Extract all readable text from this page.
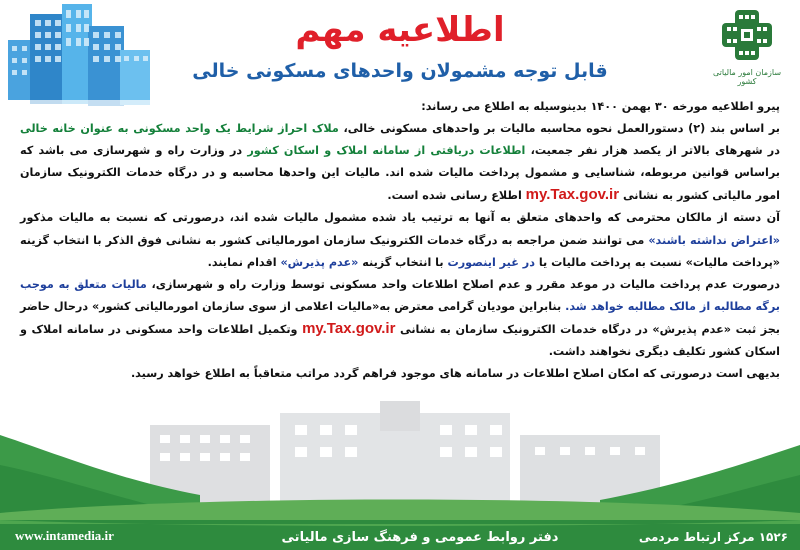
اطلاعیه مهم
قابل توجه مشمولان واحدهای مسکونی خالی	سازمان امور مالیاتی کشور

پیرو اطلاعیه مورخه ۳۰ بهمن ۱۴۰۰ بدینوسیله به اطلاع می رساند:

بر اساس بند (۲) دستورالعمل نحوه محاسبه مالیات بر واحدهای مسکونی خالی، ملاک احراز شرایط یک واحد مسکونی به عنوان خانه خالی در شهرهای بالاتر از یکصد هزار نفر جمعیت، اطلاعات دریافتی از سامانه املاک و اسکان کشور در وزارت راه و شهرسازی می باشد که براساس قوانین مربوطه، شناسایی و مشمول پرداخت مالیات شده اند. مالیات این واحدها محاسبه و در درگاه خدمات الکترونیک سازمان امور مالیاتی کشور به نشانی my.Tax.gov.ir اطلاع رسانی شده است.

آن دسته از مالکان محترمی که واحدهای متعلق به آنها به ترتیب یاد شده مشمول مالیات شده اند، درصورتی که نسبت به مالیات مذکور «اعتراض نداشته باشند» می توانند ضمن مراجعه به درگاه خدمات الکترونیک سازمان امورمالیاتی کشور به نشانی فوق الذکر با انتخاب گزینه «پرداخت مالیات» نسبت به پرداخت مالیات یا در غیر اینصورت با انتخاب گزینه «عدم پذیرش» اقدام نمایند.

درصورت عدم پرداخت مالیات در موعد مقرر و عدم اصلاح اطلاعات واحد مسکونی توسط وزارت راه و شهرسازی، مالیات متعلق به موجب برگه مطالبه از مالک مطالبه خواهد شد. بنابراین مودیان گرامی معترض به«مالیات اعلامی از سوی سازمان امورمالیاتی کشور» درحال حاضر بجز ثبت «عدم پذیرش» در درگاه خدمات الکترونیک سازمان به نشانی my.Tax.gov.ir وتکمیل اطلاعات واحد مسکونی در سامانه املاک و اسکان کشور تکلیف دیگری نخواهند داشت.

بدیهی است درصورتی که امکان اصلاح اطلاعات در سامانه های موجود فراهم گردد مراتب متعاقباً به اطلاع خواهد رسید.

www.intamedia.ir	دفتر روابط عمومی و فرهنگ سازی مالیاتی	۱۵۲۶ مرکز ارتباط مردمی
